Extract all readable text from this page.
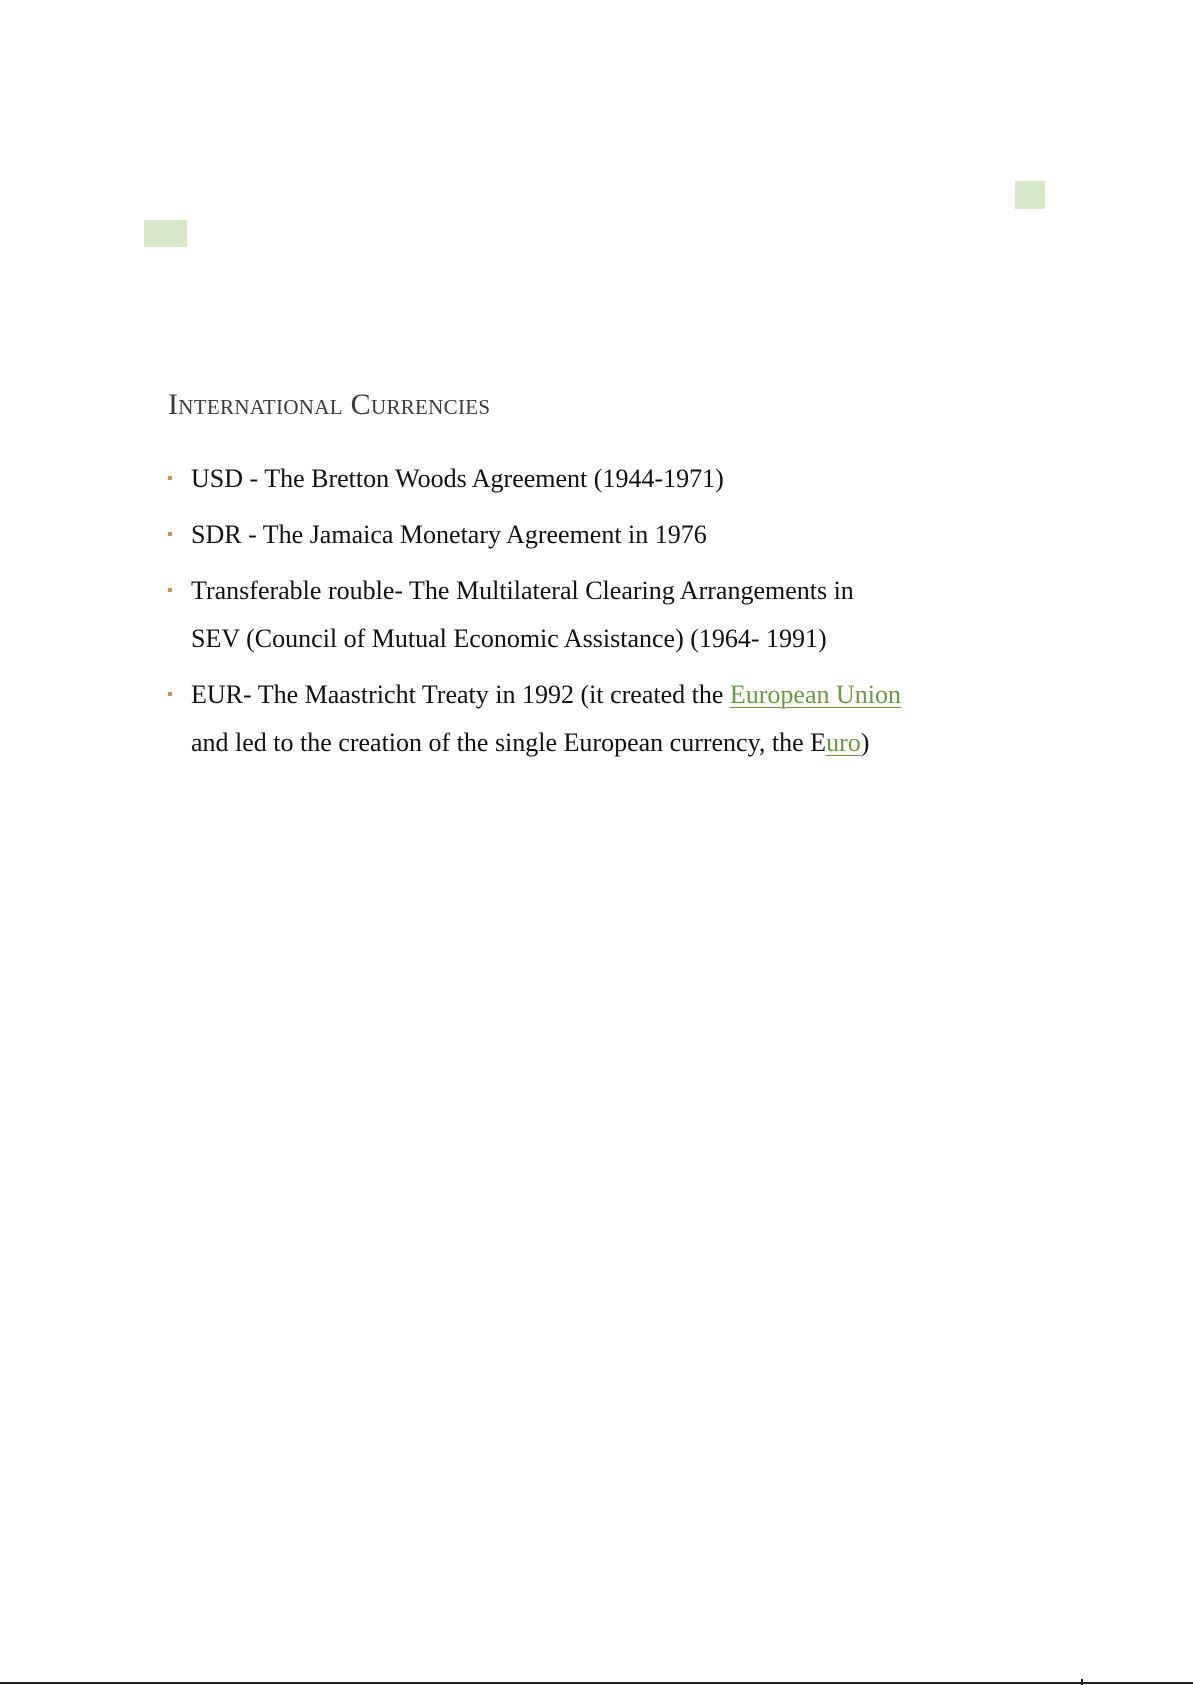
International Currencies
USD - The Bretton Woods Agreement (1944-1971)
SDR - The Jamaica Monetary Agreement in 1976
Transferable rouble- The Multilateral Clearing Arrangements in SEV (Council of Mutual Economic Assistance) (1964- 1991)
EUR- The Maastricht Treaty in 1992 (it created the European Union and led to the creation of the single European currency, the Euro)
